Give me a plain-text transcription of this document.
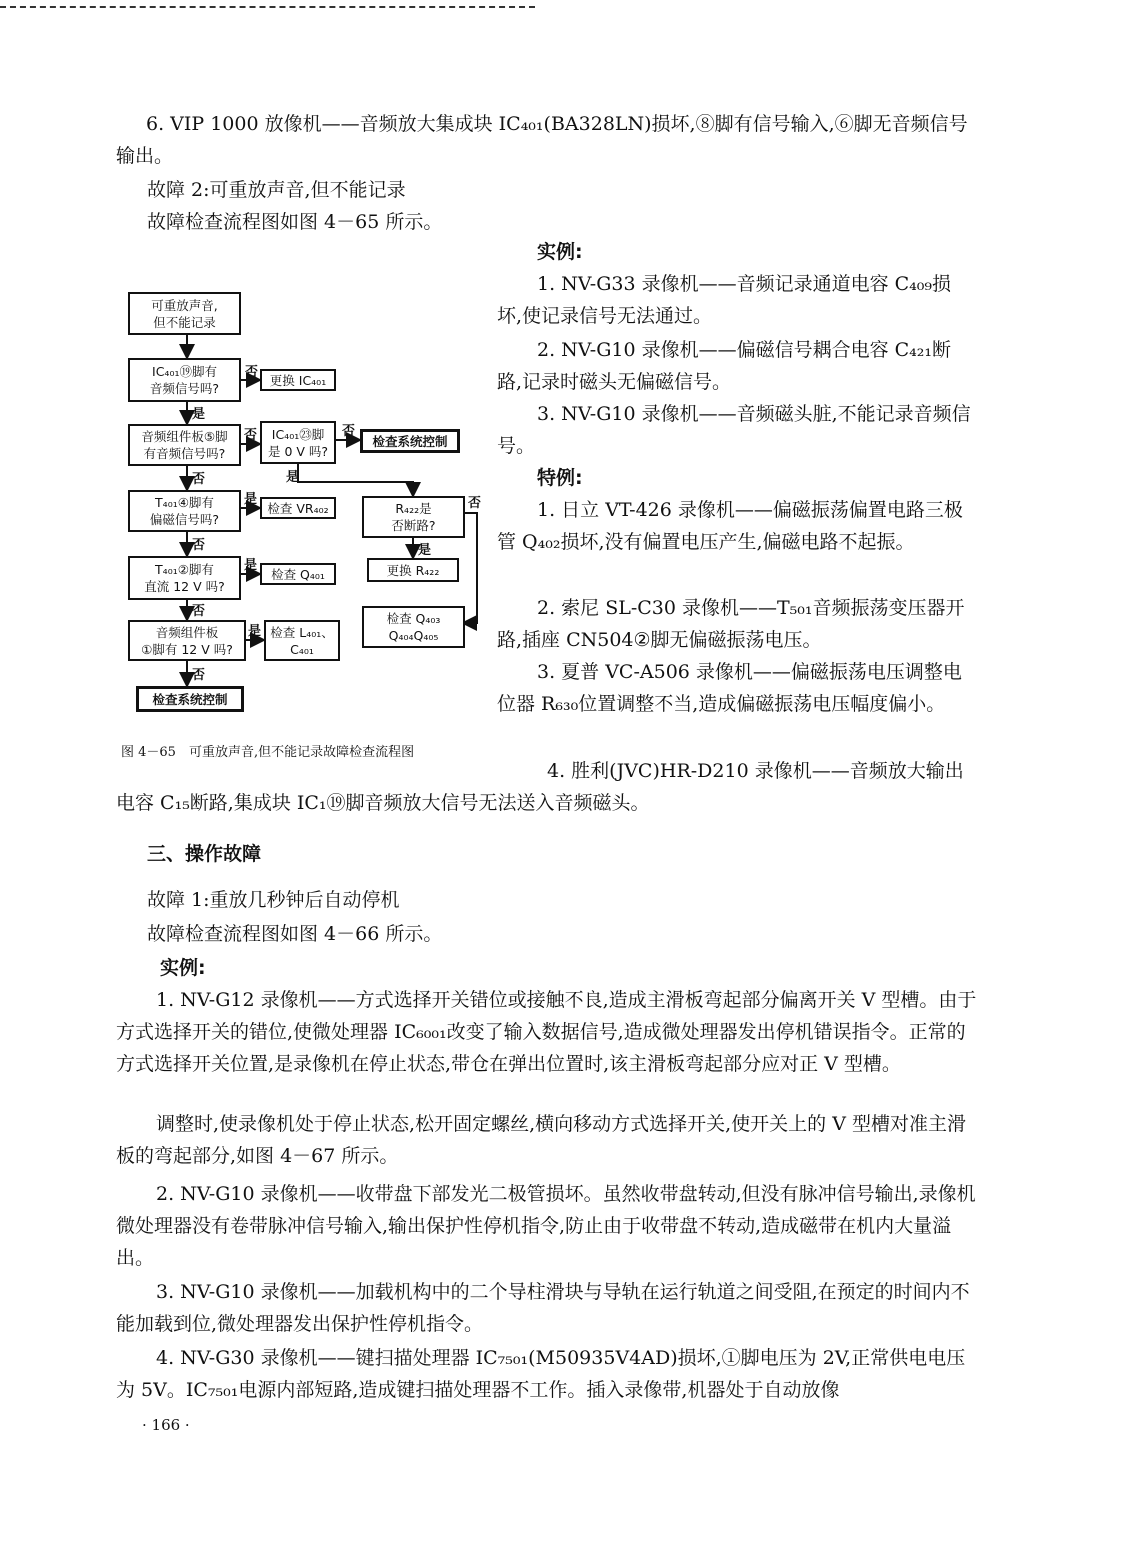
6. VIP 1000 放像机——音频放大集成块 IC₄₀₁(BA328LN)损坏,⑧脚有信号输入,⑥脚无音频信号输出。

故障 2:可重放声音,但不能记录

故障检查流程图如图 4－65 所示。

实例:

1. NV-G33 录像机——音频记录通道电容 C₄₀₉损坏,使记录信号无法通过。

2. NV-G10 录像机——偏磁信号耦合电容 C₄₂₁断路,记录时磁头无偏磁信号。

3. NV-G10 录像机——音频磁头脏,不能记录音频信号。

特例:

1. 日立 VT-426 录像机——偏磁振荡偏置电路三极管 Q₄₀₂损坏,没有偏置电压产生,偏磁电路不起振。

2. 索尼 SL-C30 录像机——T₅₀₁音频振荡变压器开路,插座 CN504②脚无偏磁振荡电压。

3. 夏普 VC-A506 录像机——偏磁振荡电压调整电位器 R₆₃₀位置调整不当,造成偏磁振荡电压幅度偏小。

4. 胜利(JVC)HR-D210 录像机——音频放大输出电容 C₁₅断路,集成块 IC₁⑲脚音频放大信号无法送入音频磁头。

可重放声音,
但不能记录
IC₄₀₁⑲脚有
音频信号吗?
更换 IC₄₀₁
音频组件板⑤脚
有音频信号吗?
IC₄₀₁㉓脚
是 0 V 吗?
检查系统控制
T₄₀₁④脚有
偏磁信号吗?
检查 VR₄₀₂	R₄₂₂是
否断路?
更换 R₄₂₂
检查 Q₄₀₃
Q₄₀₄Q₄₀₅
T₄₀₁②脚有
直流 12 V 吗?
检查 Q₄₀₁
音频组件板
①脚有 12 V 吗?
检查 L₄₀₁、
C₄₀₁
检查系统控制
否
是
否	否
是
否
是	否
是
否
是
否
是
否
图 4－65　可重放声音,但不能记录故障检查流程图

三、操作故障

故障 1:重放几秒钟后自动停机

故障检查流程图如图 4－66 所示。

实例:

1. NV-G12 录像机——方式选择开关错位或接触不良,造成主滑板弯起部分偏离开关 V 型槽。由于方式选择开关的错位,使微处理器 IC₆₀₀₁改变了输入数据信号,造成微处理器发出停机错误指令。正常的方式选择开关位置,是录像机在停止状态,带仓在弹出位置时,该主滑板弯起部分应对正 V 型槽。

调整时,使录像机处于停止状态,松开固定螺丝,横向移动方式选择开关,使开关上的 V 型槽对准主滑板的弯起部分,如图 4－67 所示。

2. NV-G10 录像机——收带盘下部发光二极管损坏。虽然收带盘转动,但没有脉冲信号输出,录像机微处理器没有卷带脉冲信号输入,输出保护性停机指令,防止由于收带盘不转动,造成磁带在机内大量溢出。

3. NV-G10 录像机——加载机构中的二个导柱滑块与导轨在运行轨道之间受阻,在预定的时间内不能加载到位,微处理器发出保护性停机指令。

4. NV-G30 录像机——键扫描处理器 IC₇₅₀₁(M50935V4AD)损坏,①脚电压为 2V,正常供电电压为 5V。IC₇₅₀₁电源内部短路,造成键扫描处理器不工作。插入录像带,机器处于自动放像

· 166 ·
